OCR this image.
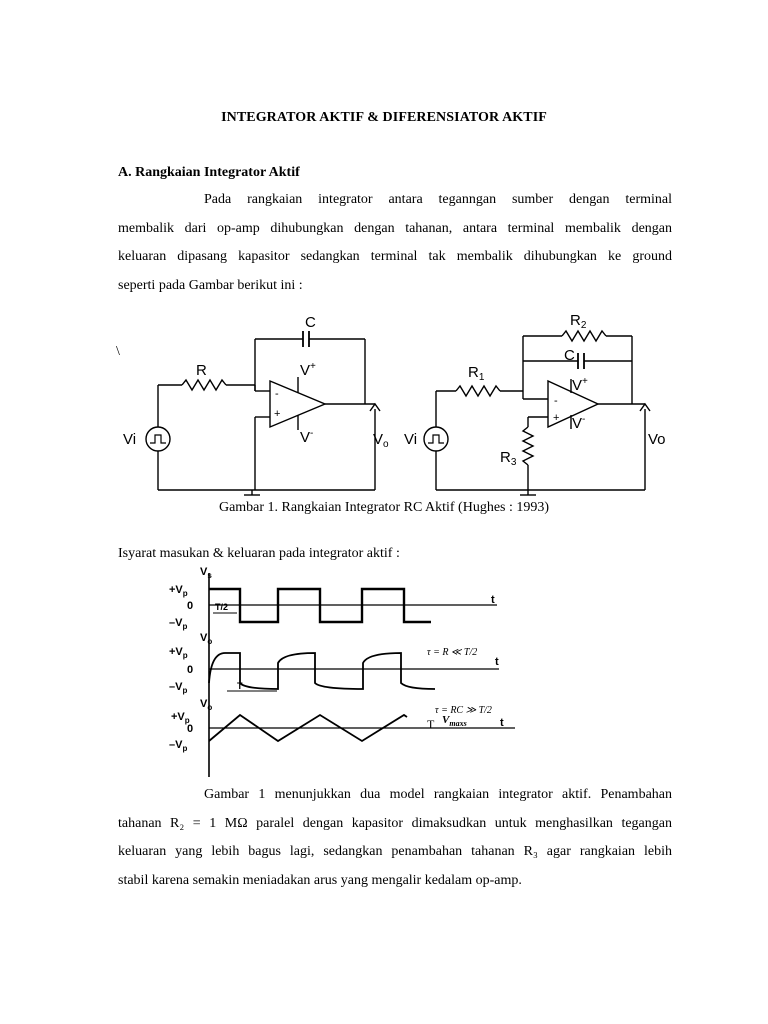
INTEGRATOR AKTIF & DIFERENSIATOR AKTIF
A. Rangkaian Integrator Aktif
Pada rangkaian integrator antara teganngan sumber dengan terminal
membalik dari op-amp dihubungkan dengan tahanan, antara terminal membalik dengan
keluaran dipasang kapasitor sedangkan terminal tak membalik dihubungkan ke ground
seperti pada Gambar berikut ini :
\
C
R	V+
V-
Vi	$V_o$
-
+
$R_2$
C
$R_1$
$R_3$
V+
V-
Vi	Vo
-
+
Gambar 1. Rangkaian Integrator RC Aktif (Hughes : 1993)
Isyarat masukan & keluaran pada integrator aktif :
$V_s$
$+V_p$
0
$-V_p$
t
T/2
$V_o$
$+V_p$
0
$-V_p$
t
T
τ = R ≪ T/2
$V_o$
$+V_p$
0
$-V_p$
τ = RC ≫ T/2
T $V_{maxs}$	t
Gambar 1 menunjukkan dua model rangkaian integrator aktif. Penambahan
tahanan R₂ = 1 MΩ paralel dengan kapasitor dimaksudkan untuk menghasilkan tegangan
keluaran yang lebih bagus lagi, sedangkan penambahan tahanan R₃ agar rangkaian lebih
stabil karena semakin meniadakan arus yang mengalir kedalam op-amp.
